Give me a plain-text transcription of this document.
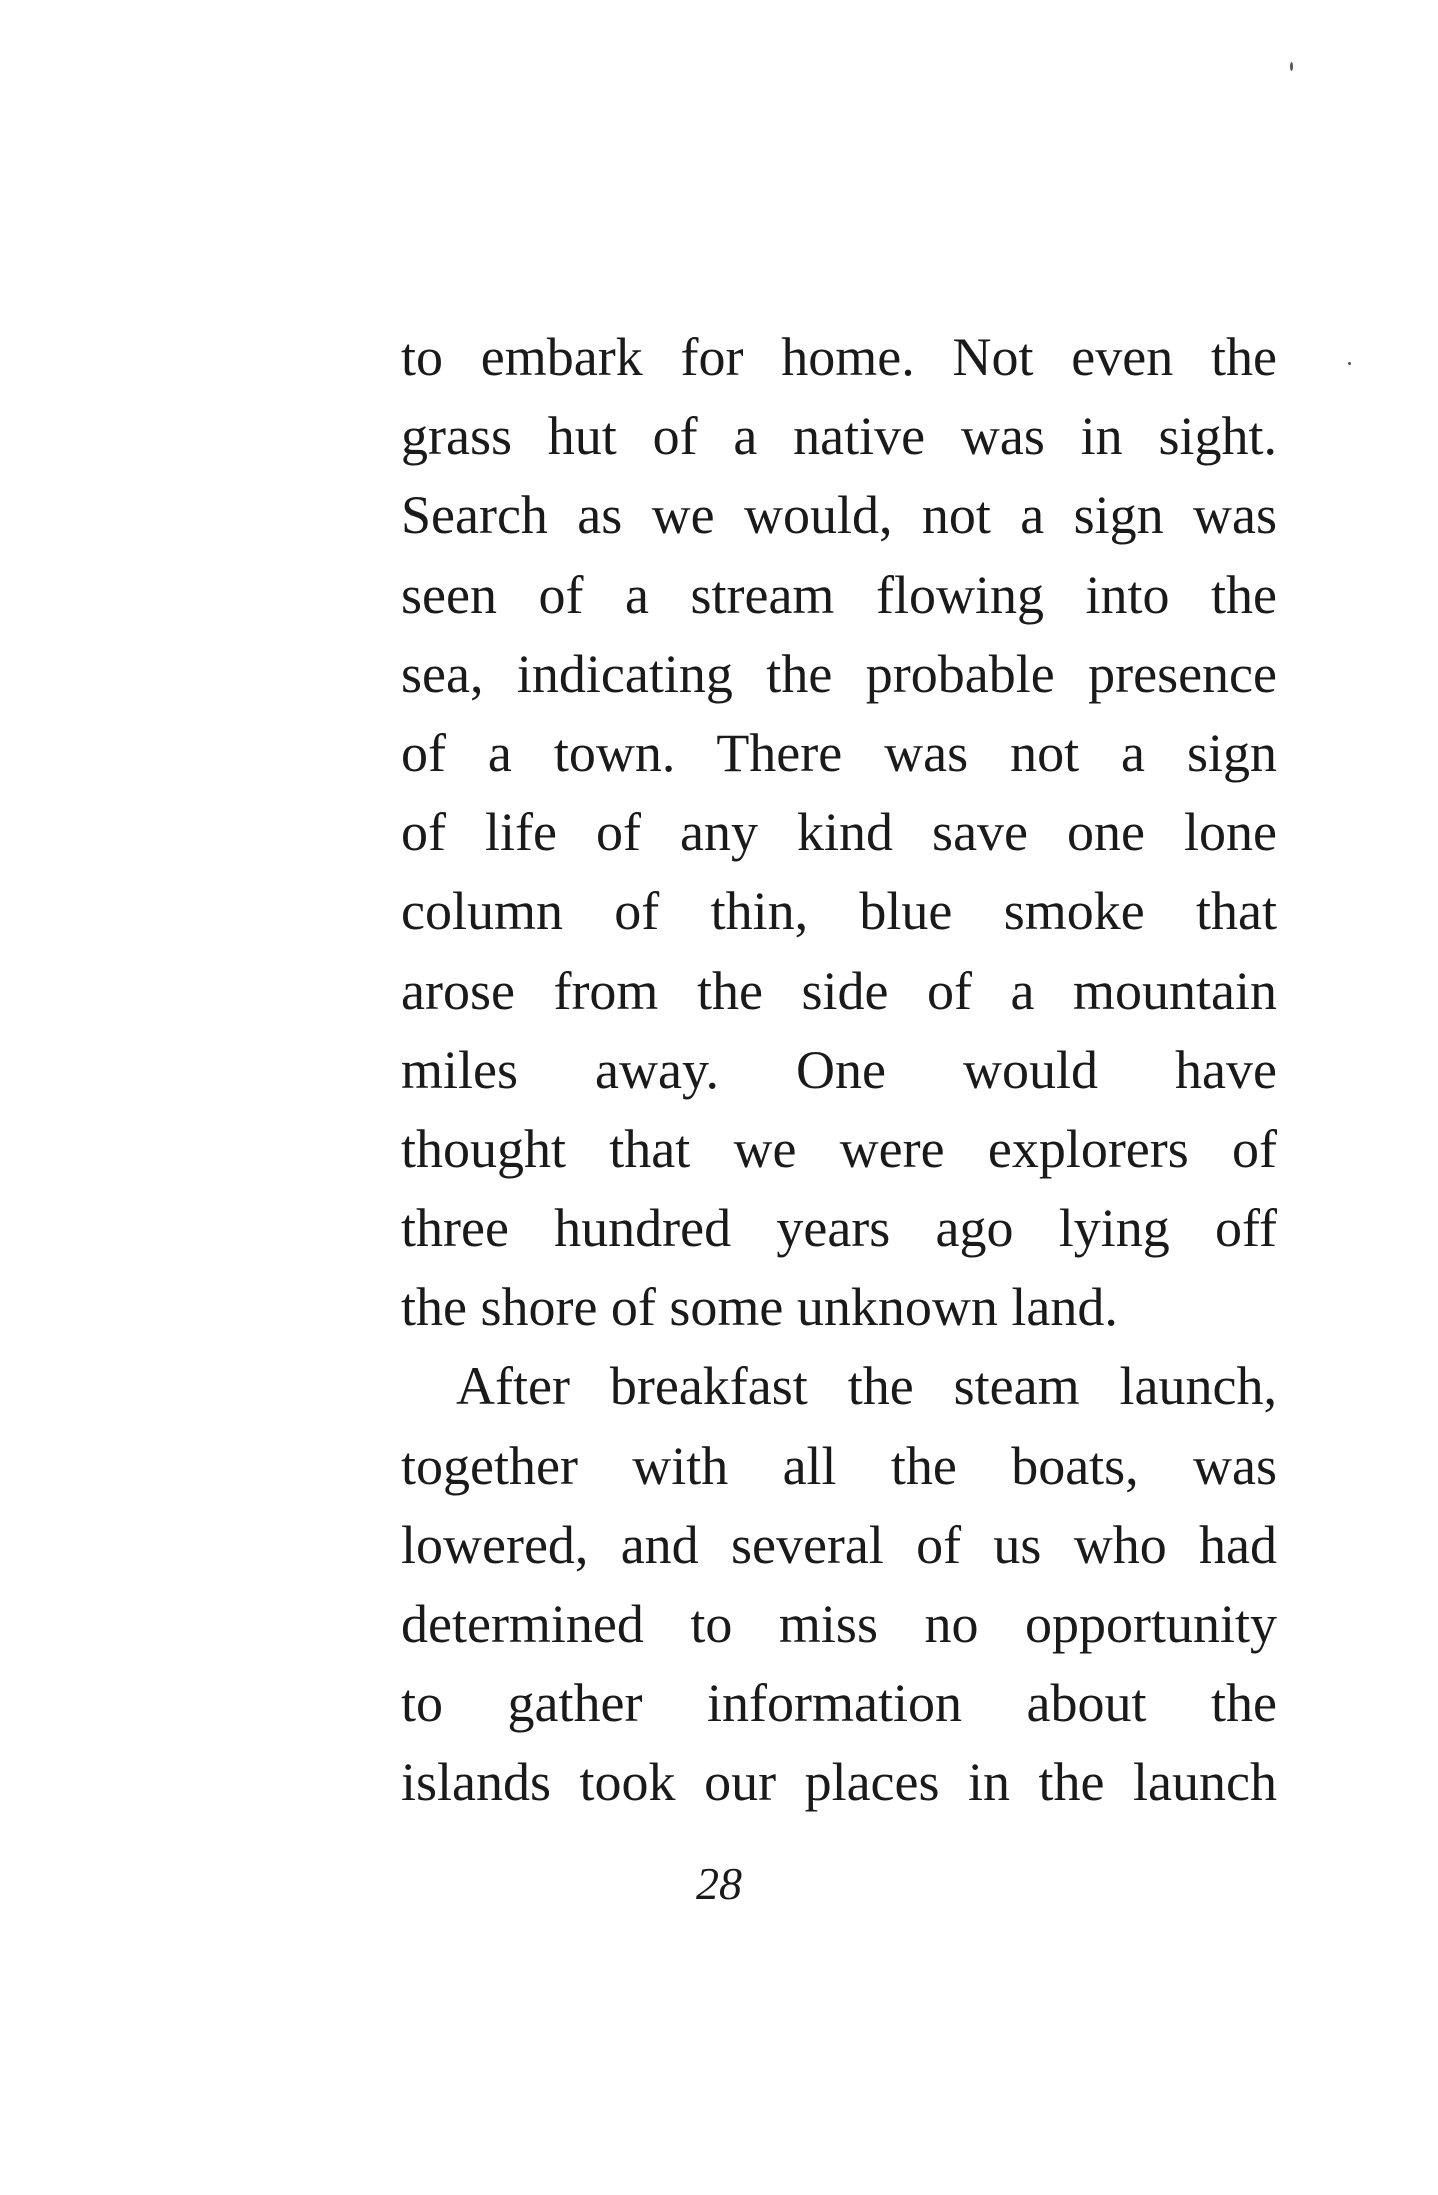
to embark for home. Not even the
grass hut of a native was in sight.
Search as we would, not a sign was
seen of a stream flowing into the
sea, indicating the probable presence
of a town. There was not a sign
of life of any kind save one lone
column of thin, blue smoke that
arose from the side of a mountain
miles away. One would have
thought that we were explorers of
three hundred years ago lying off
the shore of some unknown land.
After breakfast the steam launch,
together with all the boats, was
lowered, and several of us who had
determined to miss no opportunity
to gather information about the
islands took our places in the launch
28
